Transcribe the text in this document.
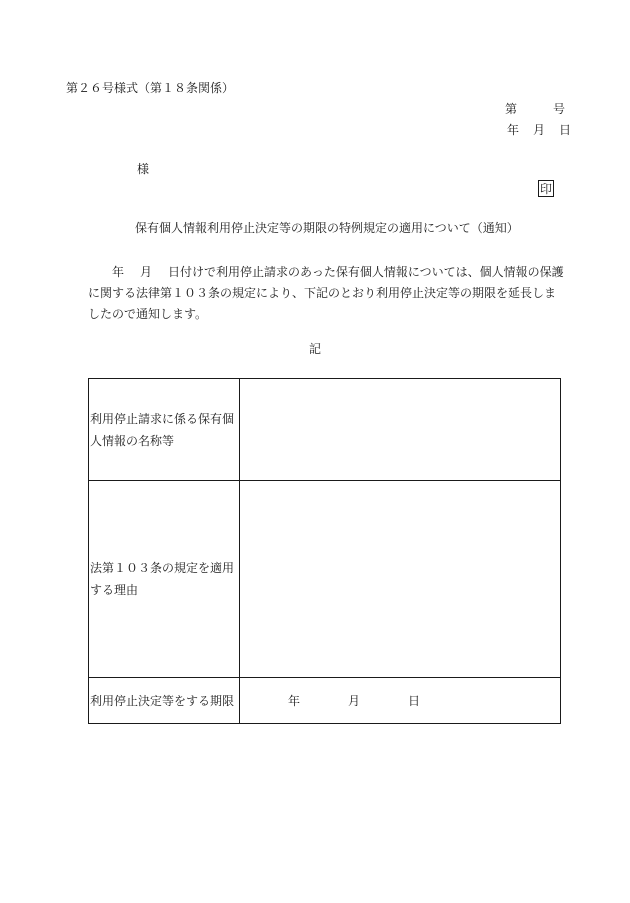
第２６号様式（第１８条関係）
第	号
年 月 日
様
印
保有個人情報利用停止決定等の期限の特例規定の適用について（通知）

年 月 日付けで利用停止請求のあった保有個人情報については、個人情報の保護に関する法律第１０３条の規定により、下記のとおり利用停止決定等の期限を延長しましたので通知します。

記
利用停止請求に係る保有個人情報の名称等	
法第１０３条の規定を適用する理由	
利用停止決定等をする期限	年 月 日
